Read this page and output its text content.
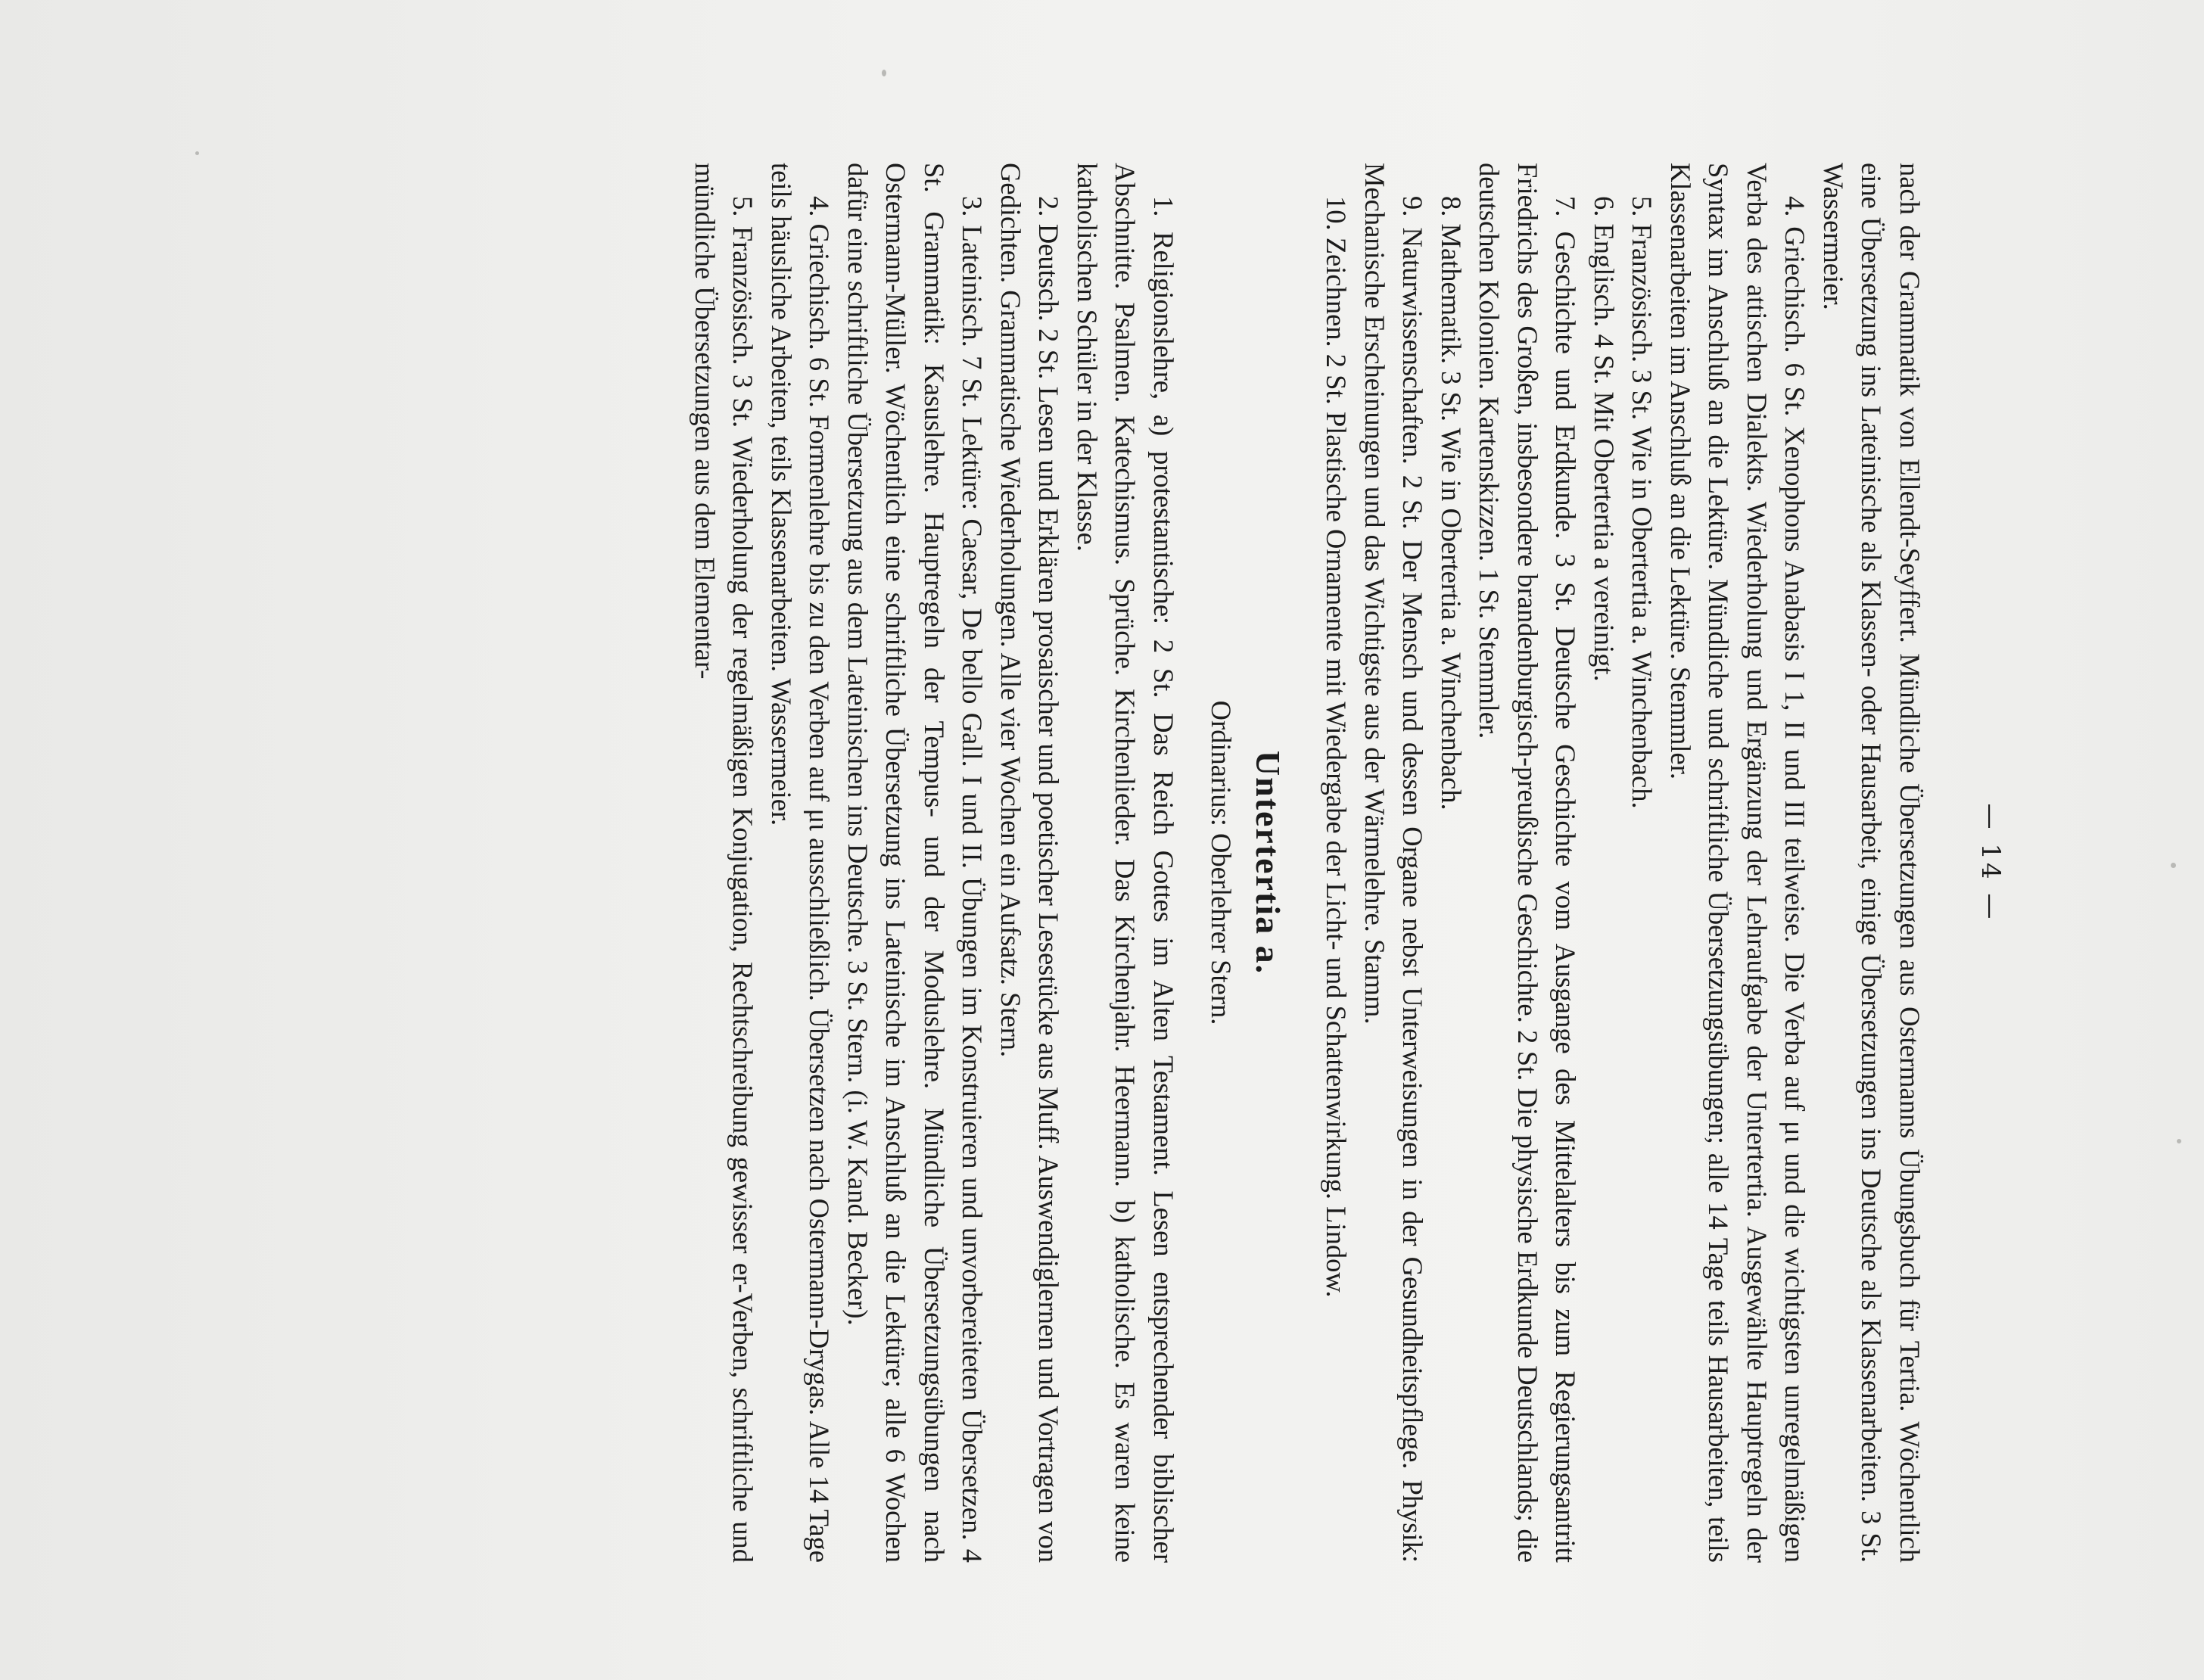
— 14 —

nach der Grammatik von Ellendt-Seyffert. Mündliche Übersetzungen aus Ostermanns Übungsbuch für Tertia. Wöchentlich eine Übersetzung ins Lateinische als Klassen- oder Hausarbeit, einige Übersetzungen ins Deutsche als Klassenarbeiten. 3 St. Wassermeier.

4. Griechisch. 6 St. Xenophons Anabasis I 1, II und III teilweise. Die Verba auf μι und die wichtigsten unregelmäßigen Verba des attischen Dialekts. Wiederholung und Ergänzung der Lehraufgabe der Untertertia. Ausgewählte Hauptregeln der Syntax im Anschluß an die Lektüre. Mündliche und schriftliche Übersetzungsübungen; alle 14 Tage teils Hausarbeiten, teils Klassenarbeiten im Anschluß an die Lektüre. Stemmler.

5. Französisch. 3 St. Wie in Obertertia a. Winchenbach.

6. Englisch. 4 St. Mit Obertertia a vereinigt.

7. Geschichte und Erdkunde. 3 St. Deutsche Geschichte vom Ausgange des Mittelalters bis zum Regierungsantritt Friedrichs des Großen, insbesondere brandenburgisch-preußische Geschichte. 2 St. Die physische Erdkunde Deutschlands; die deutschen Kolonien. Kartenskizzen. 1 St. Stemmler.

8. Mathematik. 3 St. Wie in Obertertia a. Winchenbach.

9. Naturwissenschaften. 2 St. Der Mensch und dessen Organe nebst Unterweisungen in der Gesundheitspflege. Physik: Mechanische Erscheinungen und das Wichtigste aus der Wärmelehre. Stamm.

10. Zeichnen. 2 St. Plastische Ornamente mit Wiedergabe der Licht- und Schattenwirkung. Lindow.

Untertertia a.
Ordinarius: Oberlehrer Stern.

1. Religionslehre, a) protestantische: 2 St. Das Reich Gottes im Alten Testament. Lesen entsprechender biblischer Abschnitte. Psalmen. Katechismus. Sprüche. Kirchenlieder. Das Kirchenjahr. Heermann. b) katholische. Es waren keine katholischen Schüler in der Klasse.

2. Deutsch. 2 St. Lesen und Erklären prosaischer und poetischer Lesestücke aus Muff. Auswendiglernen und Vortragen von Gedichten. Grammatische Wiederholungen. Alle vier Wochen ein Aufsatz. Stern.

3. Lateinisch. 7 St. Lektüre: Caesar, De bello Gall. I und II. Übungen im Konstruieren und unvorbereiteten Übersetzen. 4 St. Grammatik: Kasuslehre. Hauptregeln der Tempus- und der Moduslehre. Mündliche Übersetzungsübungen nach Ostermann-Müller. Wöchentlich eine schriftliche Übersetzung ins Lateinische im Anschluß an die Lektüre; alle 6 Wochen dafür eine schriftliche Übersetzung aus dem Lateinischen ins Deutsche. 3 St. Stern. (i. W. Kand. Becker).

4. Griechisch. 6 St. Formenlehre bis zu den Verben auf μι ausschließlich. Übersetzen nach Ostermann-Drygas. Alle 14 Tage teils häusliche Arbeiten, teils Klassenarbeiten. Wassermeier.

5. Französisch. 3 St. Wiederholung der regelmäßigen Konjugation, Rechtschreibung gewisser er-Verben, schriftliche und mündliche Übersetzungen aus dem Elementar-
